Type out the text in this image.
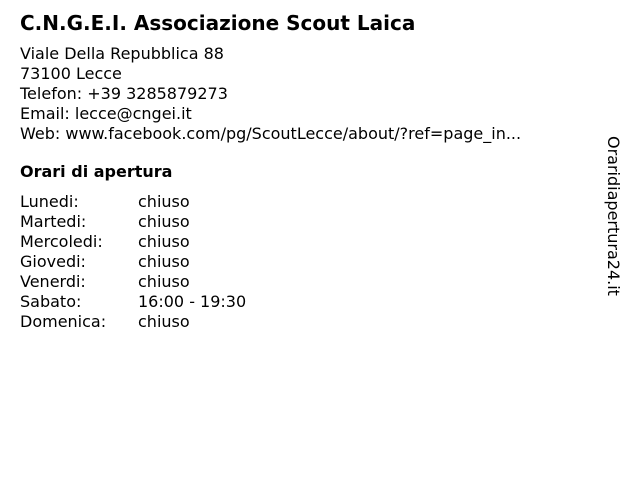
C.N.G.E.I. Associazione Scout Laica
Viale Della Repubblica 88
73100 Lecce
Telefon: +39 3285879273
Email: lecce@cngei.it
Web: www.facebook.com/pg/ScoutLecce/about/?ref=page_in...
Orari di apertura
Lunedi:	chiuso
Martedi:	chiuso
Mercoledi:	chiuso
Giovedi:	chiuso
Venerdi:	chiuso
Sabato:	16:00 - 19:30
Domenica:	chiuso
Oraridiapertura24.it
